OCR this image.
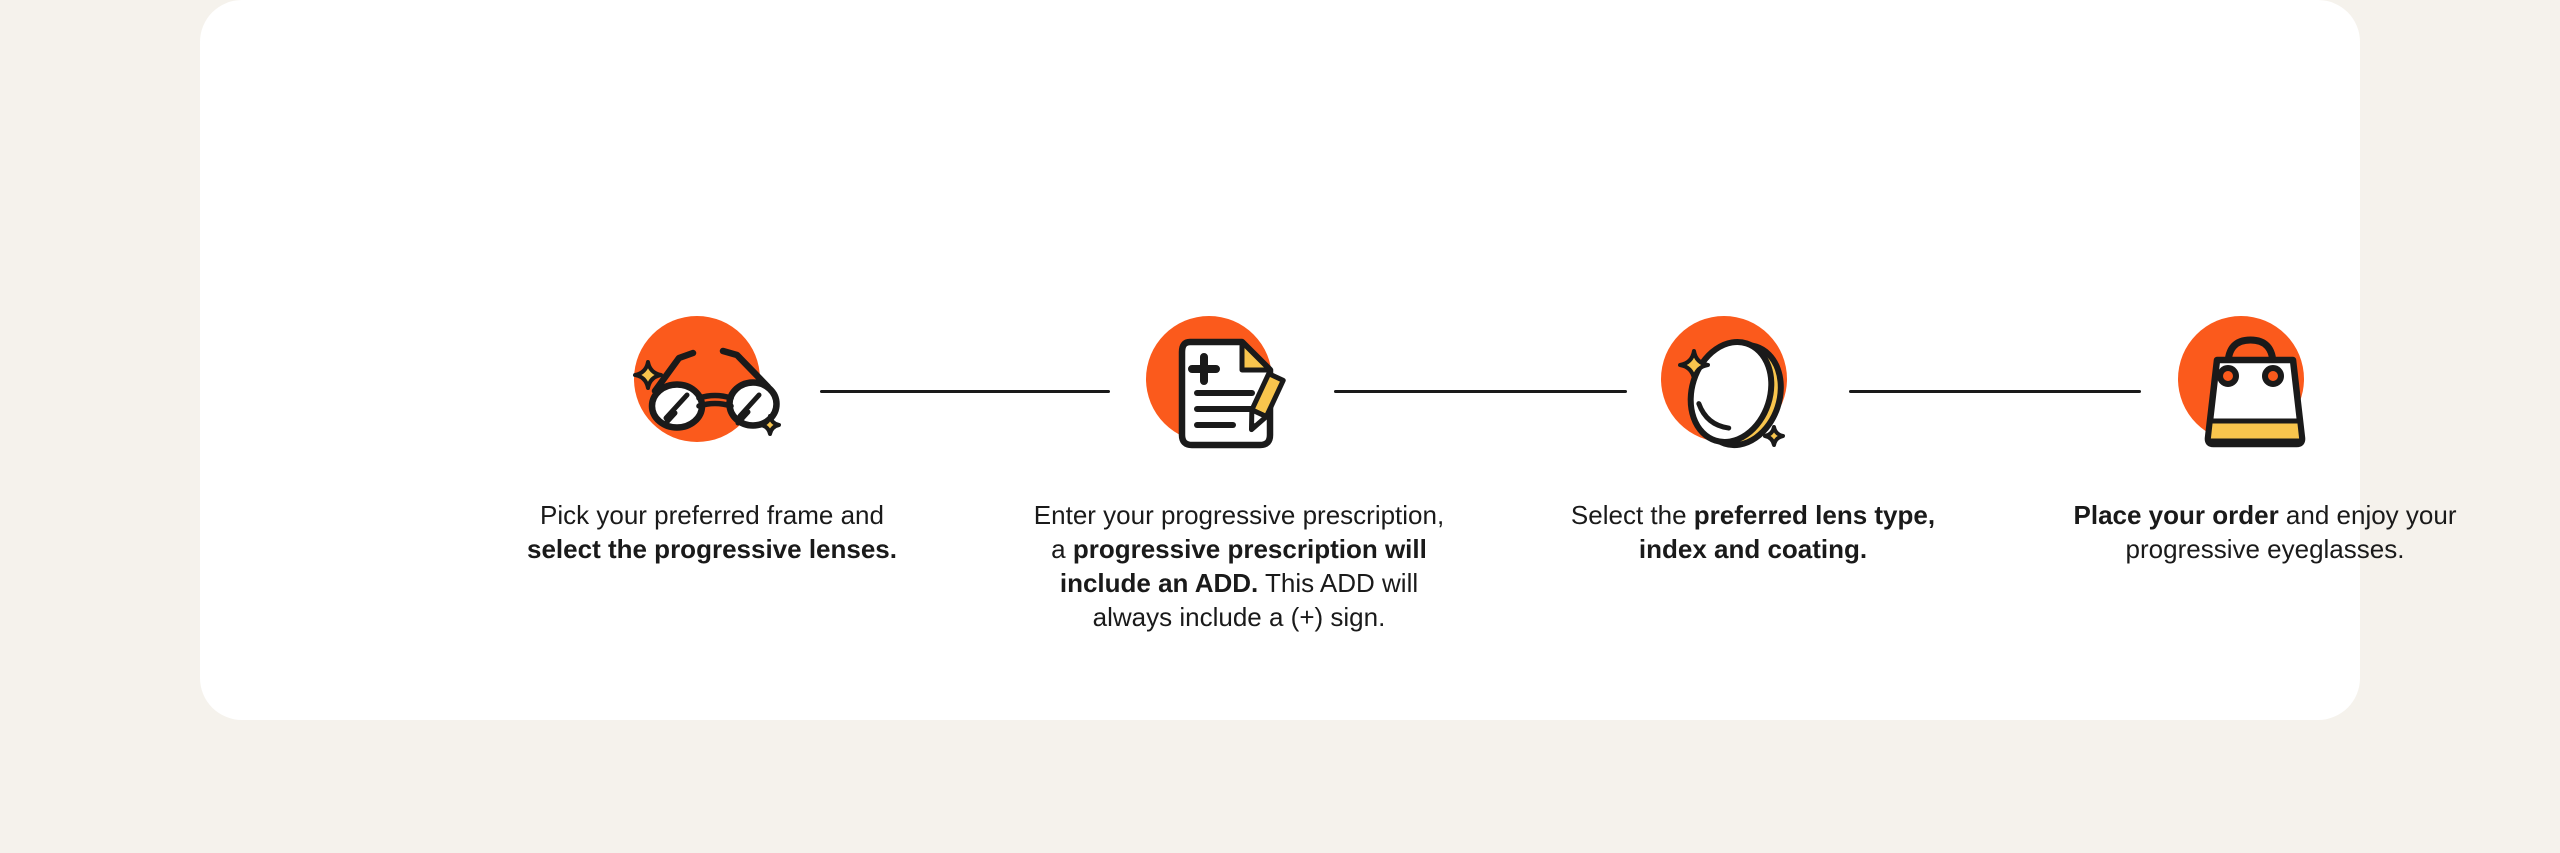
Pick your preferred frame and
select the progressive lenses.
Enter your progressive prescription,
a progressive prescription will
include an ADD. This ADD will
always include a (+) sign.
Select the preferred lens type,
index and coating.
Place your order and enjoy your
progressive eyeglasses.
